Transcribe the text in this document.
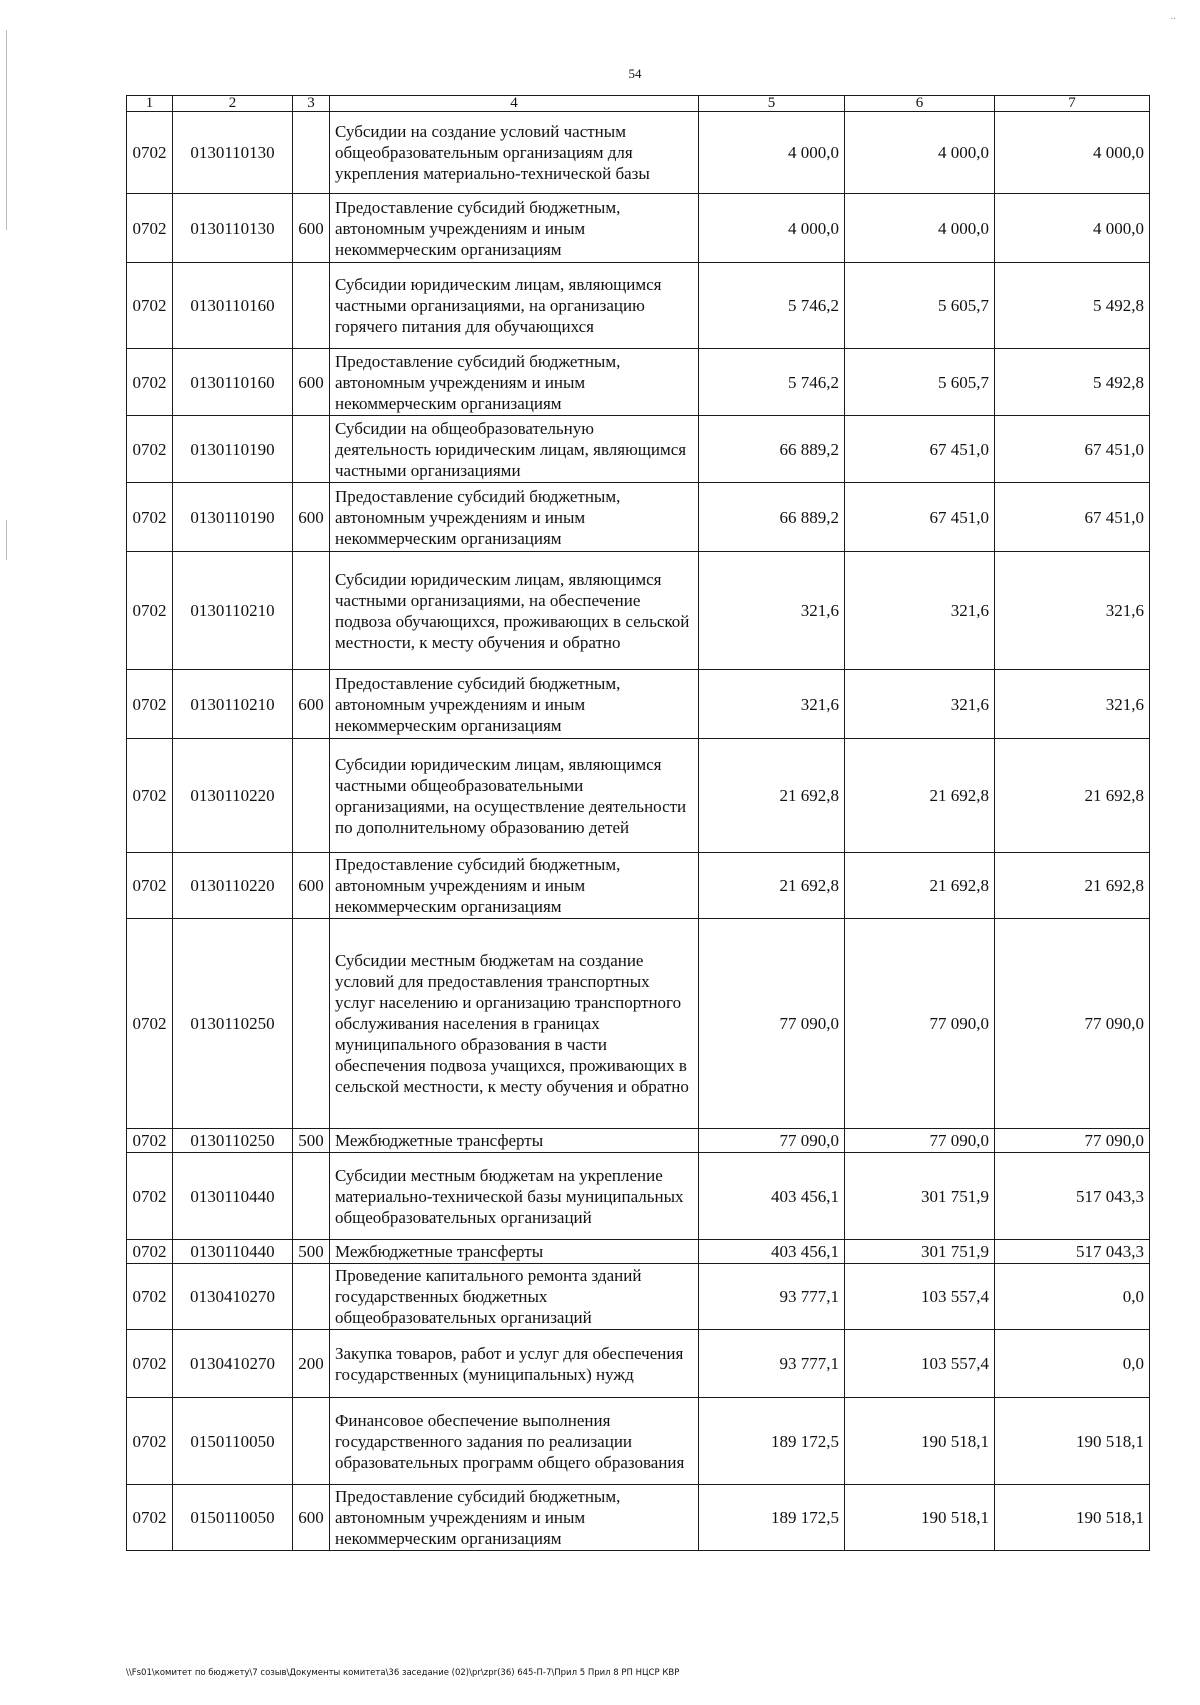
..
54
1	2	3	4	5	6	7
0702	0130110130		Субсидии на создание условий частным общеобразовательным организациям для укрепления материально-технической базы	4 000,0	4 000,0	4 000,0
0702	0130110130	600	Предоставление субсидий бюджетным, автономным учреждениям и иным некоммерческим организациям	4 000,0	4 000,0	4 000,0
0702	0130110160		Субсидии юридическим лицам, являющимся частными организациями, на организацию горячего питания для обучающихся	5 746,2	5 605,7	5 492,8
0702	0130110160	600	Предоставление субсидий бюджетным, автономным учреждениям и иным некоммерческим организациям	5 746,2	5 605,7	5 492,8
0702	0130110190		Субсидии на общеобразовательную деятельность юридическим лицам, являющимся частными организациями	66 889,2	67 451,0	67 451,0
0702	0130110190	600	Предоставление субсидий бюджетным, автономным учреждениям и иным некоммерческим организациям	66 889,2	67 451,0	67 451,0
0702	0130110210		Субсидии юридическим лицам, являющимся частными организациями, на обеспечение подвоза обучающихся, проживающих в сельской местности, к месту обучения и обратно	321,6	321,6	321,6
0702	0130110210	600	Предоставление субсидий бюджетным, автономным учреждениям и иным некоммерческим организациям	321,6	321,6	321,6
0702	0130110220		Субсидии юридическим лицам, являющимся частными общеобразовательными организациями, на осуществление деятельности по дополнительному образованию детей	21 692,8	21 692,8	21 692,8
0702	0130110220	600	Предоставление субсидий бюджетным, автономным учреждениям и иным некоммерческим организациям	21 692,8	21 692,8	21 692,8
0702	0130110250		Субсидии местным бюджетам на создание условий для предоставления транспортных услуг населению и организацию транспортного обслуживания населения в границах муниципального образования в части обеспечения подвоза учащихся, проживающих в сельской местности, к месту обучения и обратно	77 090,0	77 090,0	77 090,0
0702	0130110250	500	Межбюджетные трансферты	77 090,0	77 090,0	77 090,0
0702	0130110440		Субсидии местным бюджетам на укрепление материально-технической базы муниципальных общеобразовательных организаций	403 456,1	301 751,9	517 043,3
0702	0130110440	500	Межбюджетные трансферты	403 456,1	301 751,9	517 043,3
0702	0130410270		Проведение капитального ремонта зданий государственных бюджетных общеобразовательных организаций	93 777,1	103 557,4	0,0
0702	0130410270	200	Закупка товаров, работ и услуг для обеспечения государственных (муниципальных) нужд	93 777,1	103 557,4	0,0
0702	0150110050		Финансовое обеспечение выполнения государственного задания по реализации образовательных программ общего образования	189 172,5	190 518,1	190 518,1
0702	0150110050	600	Предоставление субсидий бюджетным, автономным учреждениям и иным некоммерческим организациям	189 172,5	190 518,1	190 518,1
\\Fs01\комитет по бюджету\7 созыв\Документы комитета\36 заседание (02)\pr\zpr(36) 645-П-7\Прил 5 Прил 8 РП НЦСР КВР
